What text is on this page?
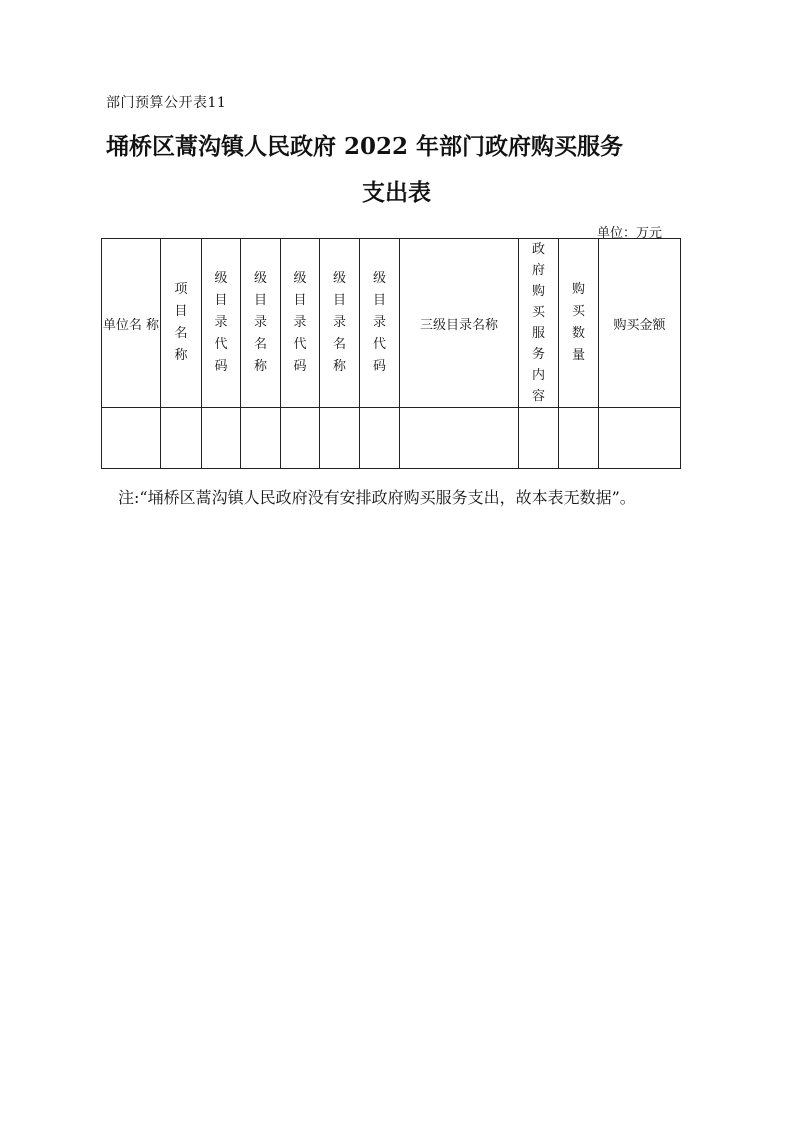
部门预算公开表11
埇桥区蒿沟镇人民政府 2022 年部门政府购买服务
支出表
单位：万元
单位名 称	项目名称	级目录代码	级目录名称	级目录代码	级目录名称	级目录代码	三级目录名称	政府购买服务内容	购买数量	购买金额

注:“埇桥区蒿沟镇人民政府没有安排政府购买服务支出，故本表无数据”。
